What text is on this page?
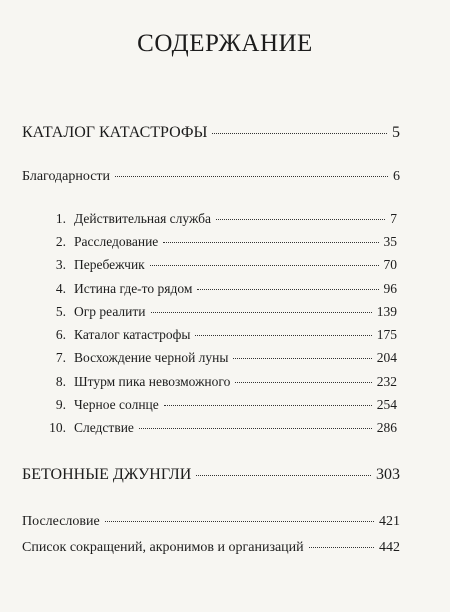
СОДЕРЖАНИЕ
КАТАЛОГ КАТАСТРОФЫ	5
Благодарности	6
1. Действительная служба	7
2. Расследование	35
3. Перебежчик	70
4. Истина где-то рядом	96
5. Огр реалити	139
6. Каталог катастрофы	175
7. Восхождение черной луны	204
8. Штурм пика невозможного	232
9. Черное солнце	254
10. Следствие	286
БЕТОННЫЕ ДЖУНГЛИ	303
Послесловие	421
Список сокращений, акронимов и организаций	442
